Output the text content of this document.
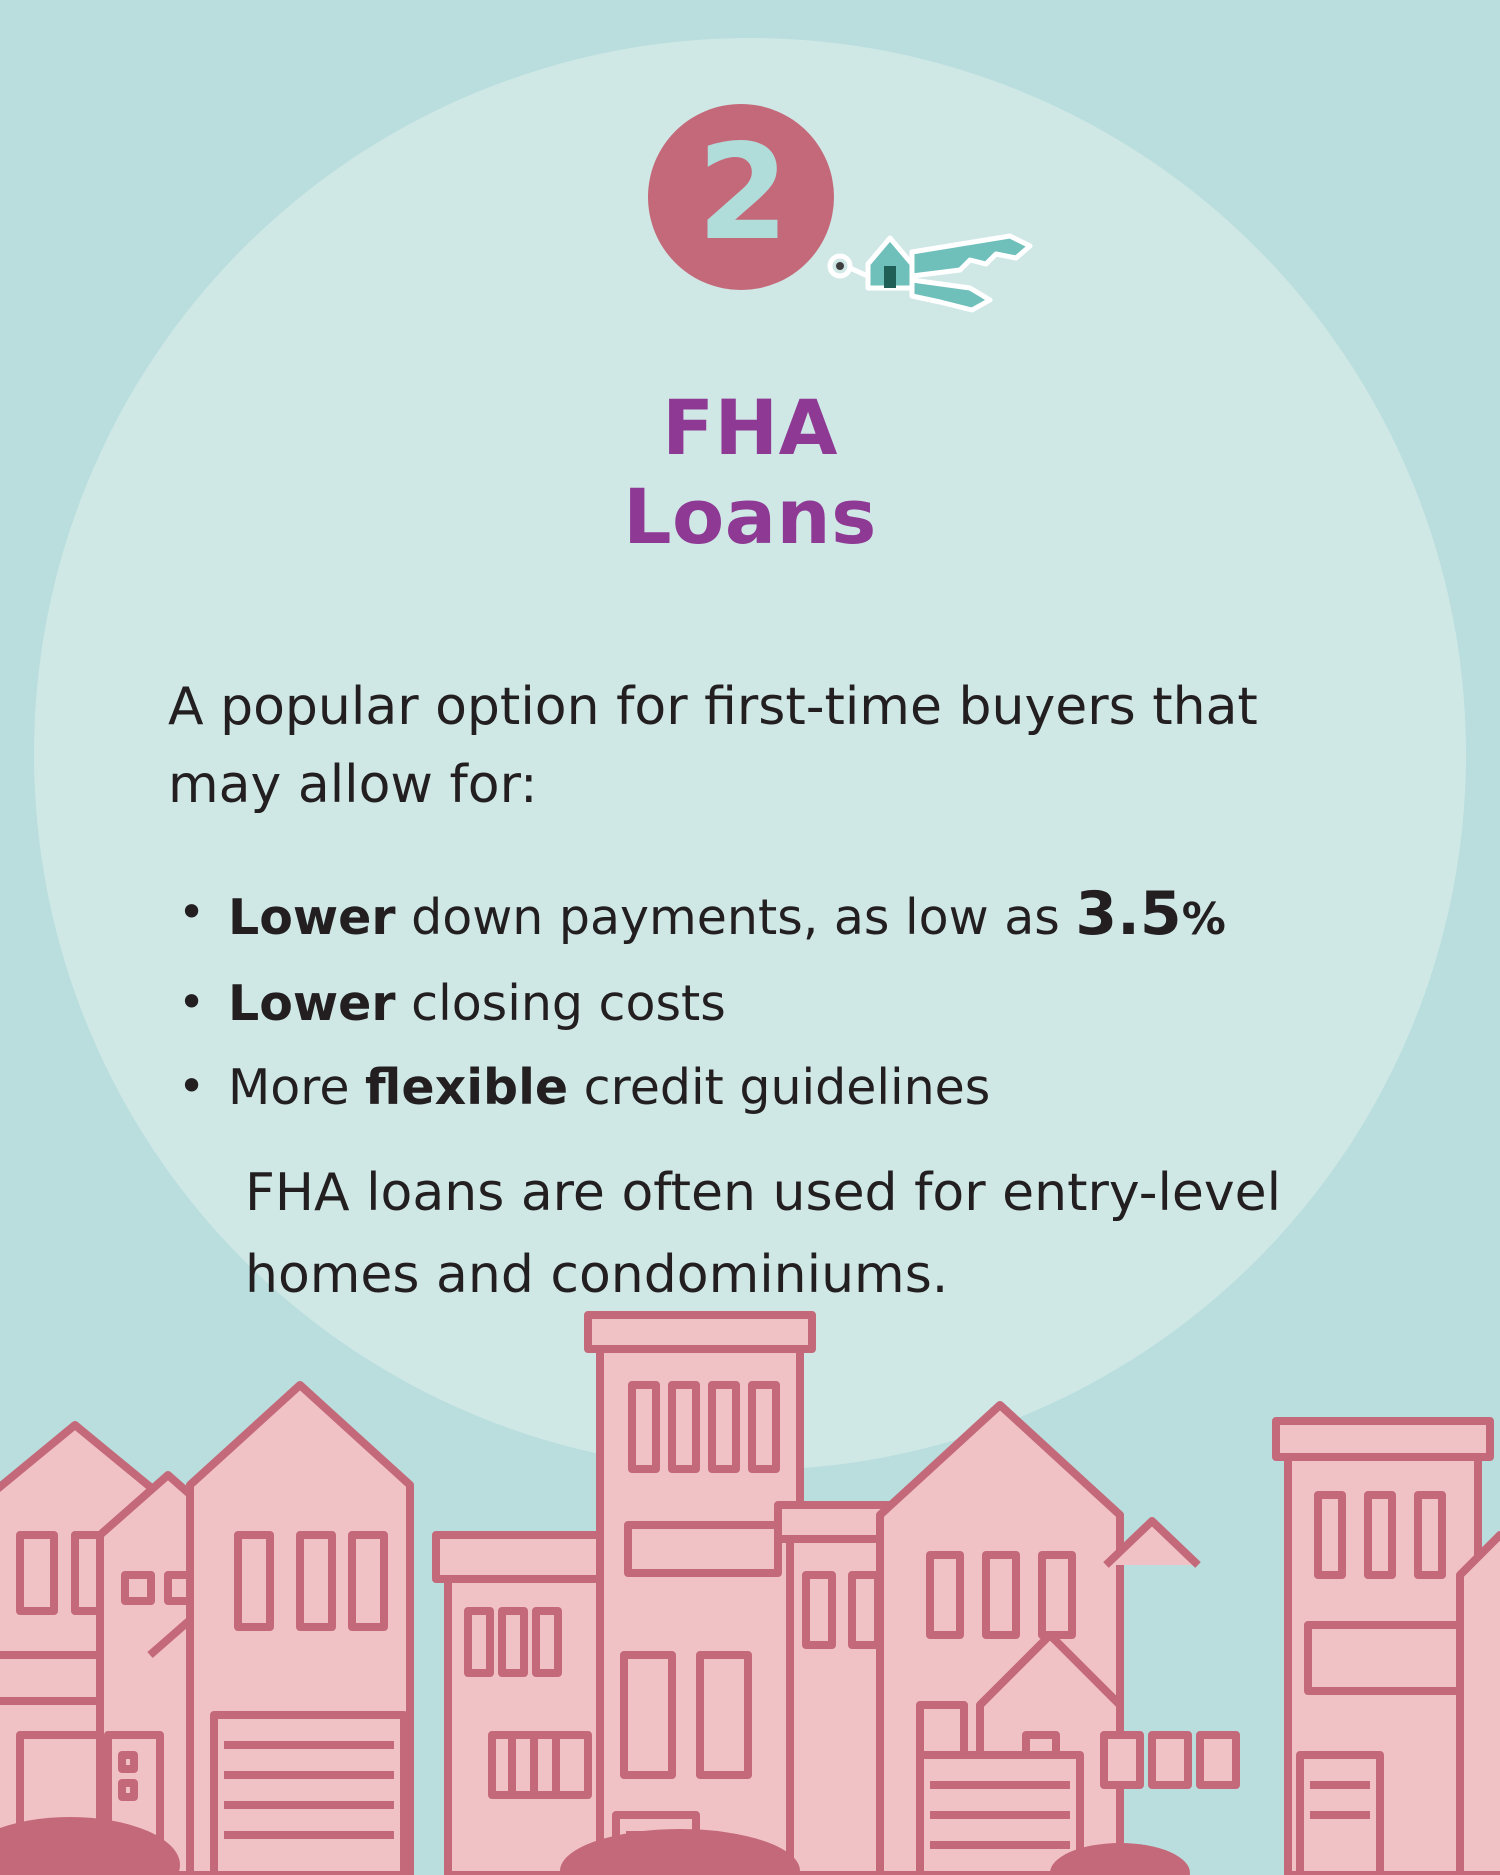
2
FHA
Loans
A popular option for first-time buyers that may allow for:
• Lower down payments, as low as 3.5%
• Lower closing costs
• More flexible credit guidelines
FHA loans are often used for entry-level homes and condominiums.
